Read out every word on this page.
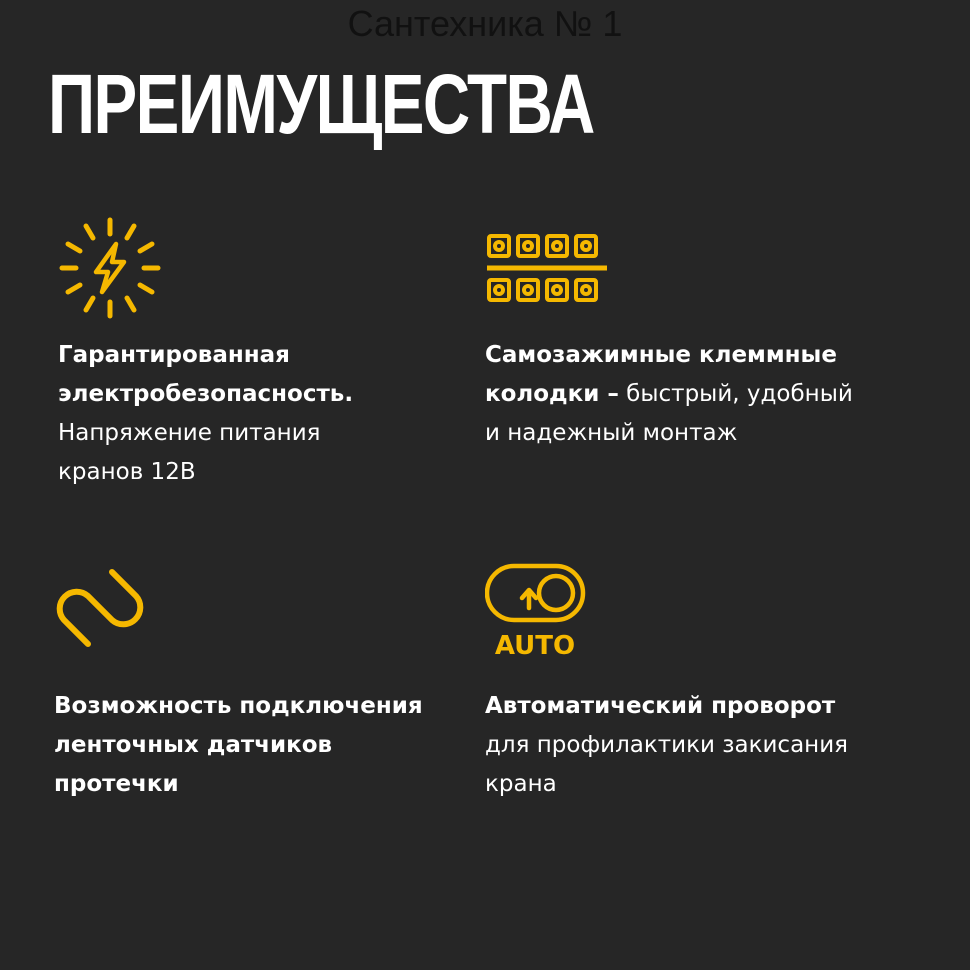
Сантехника № 1
ПРЕИМУЩЕСТВА
Гарантированная
электробезопасность.
Напряжение питания
кранов 12В
Самозажимные клеммные
колодки – быстрый, удобный
и надежный монтаж
Возможность подключения
ленточных датчиков
протечки
AUTO
Автоматический проворот
для профилактики закисания
крана
